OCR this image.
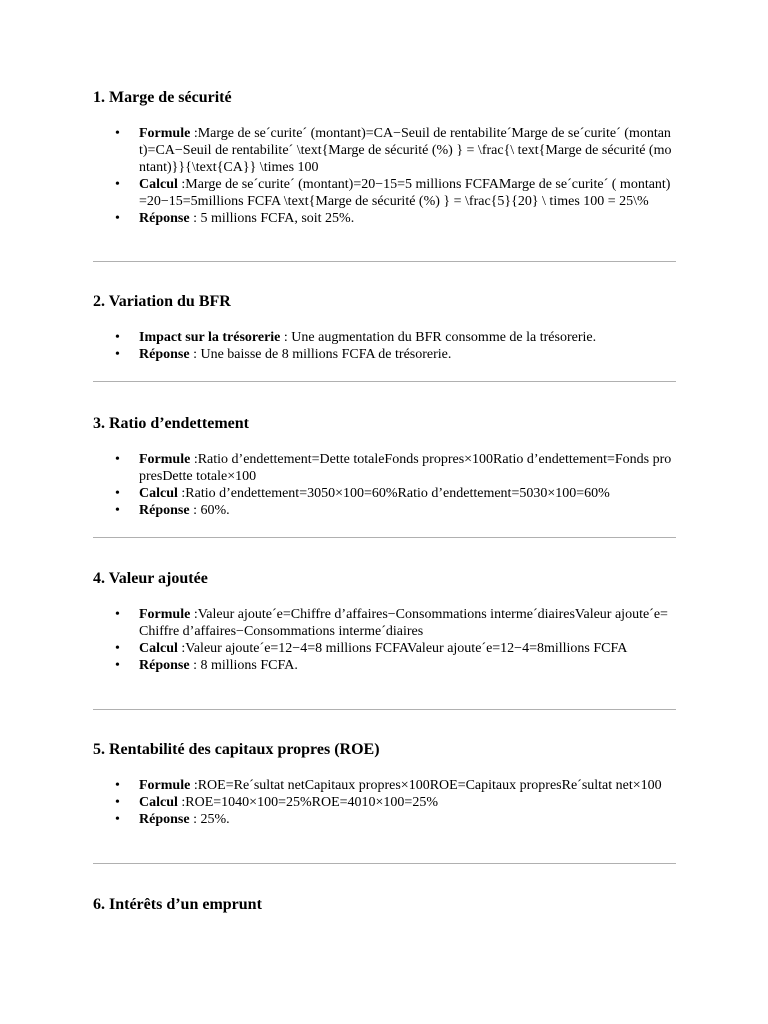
1. Marge de sécurité
• Formule :Marge de se´curite´ (montant)=CA−Seuil de rentabilite´Marge de se´curite´ (montant)=CA−Seuil de rentabilite´ \text{Marge de sécurité (%) } = \frac{\ text{Marge de sécurité (montant)}}{\text{CA}} \times 100
• Calcul :Marge de se´curite´ (montant)=20−15=5 millions FCFAMarge de se´curite´ ( montant)=20−15=5millions FCFA \text{Marge de sécurité (%) } = \frac{5}{20} \ times 100 = 25\%
• Réponse : 5 millions FCFA, soit 25%.
2. Variation du BFR
• Impact sur la trésorerie : Une augmentation du BFR consomme de la trésorerie.
• Réponse : Une baisse de 8 millions FCFA de trésorerie.
3. Ratio d’endettement
• Formule :Ratio d’endettement=Dette totaleFonds propres×100Ratio d’endettement=Fonds propresDette totale×100
• Calcul :Ratio d’endettement=3050×100=60%Ratio d’endettement=5030×100=60%
• Réponse : 60%.
4. Valeur ajoutée
• Formule :Valeur ajoute´e=Chiffre d’affaires−Consommations interme´diairesValeur ajoute´e=Chiffre d’affaires−Consommations interme´diaires
• Calcul :Valeur ajoute´e=12−4=8 millions FCFAValeur ajoute´e=12−4=8millions FCFA
• Réponse : 8 millions FCFA.
5. Rentabilité des capitaux propres (ROE)
• Formule :ROE=Re´sultat netCapitaux propres×100ROE=Capitaux propresRe´sultat net×100
• Calcul :ROE=1040×100=25%ROE=4010×100=25%
• Réponse : 25%.
6. Intérêts d’un emprunt
